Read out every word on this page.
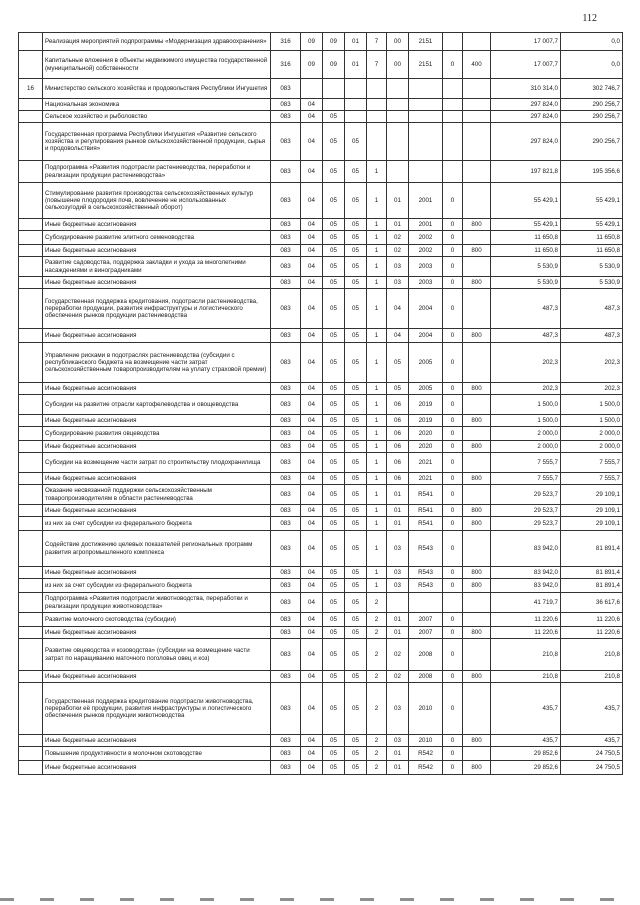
112
	Реализация мероприятий подпрограммы «Модернизация здравоохранения»	316	09	09	01	7	00	2151			17 007,7	0,0
	Капитальные вложения в объекты недвижимого имущества государственной (муниципальной) собственности	316	09	09	01	7	00	2151	0	400	17 007,7	0,0
16	Министерство сельского хозяйства и продовольствия Республики Ингушетия	083									310 314,0	302 746,7
	Национальная экономика	083	04								297 824,0	290 256,7
	Сельское хозяйство и рыболовство	083	04	05							297 824,0	290 256,7
	Государственная программа Республики Ингушетия «Развитие сельского хозяйства и регулирования рынков сельскохозяйственной продукции, сырья и продовольствия»	083	04	05	05						297 824,0	290 256,7
	Подпрограмма «Развития подотрасли растениеводства, переработки и реализации продукции растениеводства»	083	04	05	05	1					197 821,8	195 356,6
	Стимулирование развития производства сельскохозяйственных культур (повышение плодородия почв, вовлечение не использованных сельхозугодий в сельскохозяйственный оборот)	083	04	05	05	1	01	2001	0		55 429,1	55 429,1
	Иные бюджетные ассигнования	083	04	05	05	1	01	2001	0	800	55 429,1	55 429,1
	Субсидирование развитие элитного семеноводства	083	04	05	05	1	02	2002	0		11 650,8	11 650,8
	Иные бюджетные ассигнования	083	04	05	05	1	02	2002	0	800	11 650,8	11 650,8
	Развитие садоводства, поддержка закладки и ухода за многолетними насаждениями и виноградниками	083	04	05	05	1	03	2003	0		5 530,9	5 530,9
	Иные бюджетные ассигнования	083	04	05	05	1	03	2003	0	800	5 530,9	5 530,9
	Государственная поддержка кредитования, подотрасли растениеводства, переработки продукции, развития инфраструктуры и логистического обеспечения рынков продукции растениеводства	083	04	05	05	1	04	2004	0		487,3	487,3
	Иные бюджетные ассигнования	083	04	05	05	1	04	2004	0	800	487,3	487,3
	Управление рисками в подотраслях растениеводства (субсидии с республиканского бюджета на возмещение части затрат сельскохозяйственным товаропроизводителям на уплату страховой премии)	083	04	05	05	1	05	2005	0		202,3	202,3
	Иные бюджетные ассигнования	083	04	05	05	1	05	2005	0	800	202,3	202,3
	Субсидии на развитие отрасли картофелеводства и овощеводства	083	04	05	05	1	06	2019	0		1 500,0	1 500,0
	Иные бюджетные ассигнования	083	04	05	05	1	06	2019	0	800	1 500,0	1 500,0
	Субсидирование развития овцеводства	083	04	05	05	1	06	2020	0		2 000,0	2 000,0
	Иные бюджетные ассигнования	083	04	05	05	1	06	2020	0	800	2 000,0	2 000,0
	Субсидии на возмещение части затрат по строительству плодохранилища	083	04	05	05	1	06	2021	0		7 555,7	7 555,7
	Иные бюджетные ассигнования	083	04	05	05	1	06	2021	0	800	7 555,7	7 555,7
	Оказание несвязанной поддержки сельскохозяйственным товаропроизводителям в области растениеводства	083	04	05	05	1	01	R541	0		29 523,7	29 109,1
	Иные бюджетные ассигнования	083	04	05	05	1	01	R541	0	800	29 523,7	29 109,1
	из них за счет субсидии из федерального бюджета	083	04	05	05	1	01	R541	0	800	29 523,7	29 109,1
	Содействие достижению целевых показателей региональных программ развития агропромышленного комплекса	083	04	05	05	1	03	R543	0		83 942,0	81 891,4
	Иные бюджетные ассигнования	083	04	05	05	1	03	R543	0	800	83 942,0	81 891,4
	из них за счет субсидии из федерального бюджета	083	04	05	05	1	03	R543	0	800	83 942,0	81 891,4
	Подпрограмма «Развития подотрасли животноводства, переработки и реализации продукции животноводства»	083	04	05	05	2					41 719,7	36 617,6
	Развитие молочного скотоводства (субсидии)	083	04	05	05	2	01	2007	0		11 220,6	11 220,6
	Иные бюджетные ассигнования	083	04	05	05	2	01	2007	0	800	11 220,6	11 220,6
	Развитие овцеводства и козоводства» (субсидии на возмещение части затрат по наращиванию маточного поголовья овец и коз)	083	04	05	05	2	02	2008	0		210,8	210,8
	Иные бюджетные ассигнования	083	04	05	05	2	02	2008	0	800	210,8	210,8
	Государственная поддержка кредитование подотрасли животноводства, переработки её продукции, развития инфраструктуры и логистического обеспечения рынков продукции животноводства	083	04	05	05	2	03	2010	0		435,7	435,7
	Иные бюджетные ассигнования	083	04	05	05	2	03	2010	0	800	435,7	435,7
	Повышение продуктивности в молочном скотоводстве	083	04	05	05	2	01	R542	0		29 852,6	24 750,5
	Иные бюджетные ассигнования	083	04	05	05	2	01	R542	0	800	29 852,6	24 750,5
